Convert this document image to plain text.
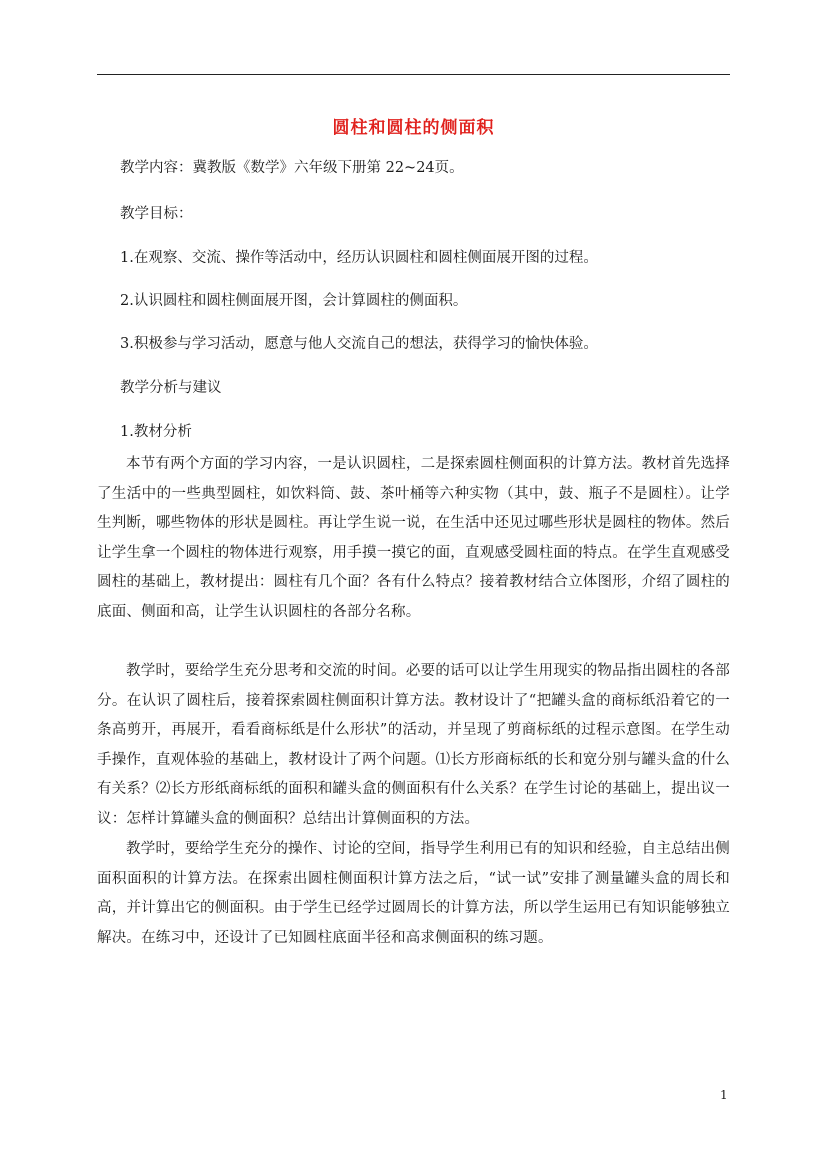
圆柱和圆柱的侧面积
教学内容：冀教版《数学》六年级下册第 22~24页。
教学目标：
1.在观察、交流、操作等活动中，经历认识圆柱和圆柱侧面展开图的过程。
2.认识圆柱和圆柱侧面展开图，会计算圆柱的侧面积。
3.积极参与学习活动，愿意与他人交流自己的想法，获得学习的愉快体验。
教学分析与建议
1.教材分析
本节有两个方面的学习内容，一是认识圆柱，二是探索圆柱侧面积的计算方法。教材首先选择了生活中的一些典型圆柱，如饮料筒、鼓、茶叶桶等六种实物（其中，鼓、瓶子不是圆柱）。让学生判断，哪些物体的形状是圆柱。再让学生说一说，在生活中还见过哪些形状是圆柱的物体。然后让学生拿一个圆柱的物体进行观察，用手摸一摸它的面，直观感受圆柱面的特点。在学生直观感受圆柱的基础上，教材提出：圆柱有几个面？各有什么特点？接着教材结合立体图形，介绍了圆柱的底面、侧面和高，让学生认识圆柱的各部分名称。
教学时，要给学生充分思考和交流的时间。必要的话可以让学生用现实的物品指出圆柱的各部分。在认识了圆柱后，接着探索圆柱侧面积计算方法。教材设计了“把罐头盒的商标纸沿着它的一条高剪开，再展开，看看商标纸是什么形状”的活动，并呈现了剪商标纸的过程示意图。在学生动手操作，直观体验的基础上，教材设计了两个问题。⑴长方形商标纸的长和宽分别与罐头盒的什么有关系？⑵长方形纸商标纸的面积和罐头盒的侧面积有什么关系？在学生讨论的基础上，提出议一议：怎样计算罐头盒的侧面积？总结出计算侧面积的方法。
教学时，要给学生充分的操作、讨论的空间，指导学生利用已有的知识和经验，自主总结出侧面积面积的计算方法。在探索出圆柱侧面积计算方法之后，“试一试”安排了测量罐头盒的周长和高，并计算出它的侧面积。由于学生已经学过圆周长的计算方法，所以学生运用已有知识能够独立解决。在练习中，还设计了已知圆柱底面半径和高求侧面积的练习题。
1
